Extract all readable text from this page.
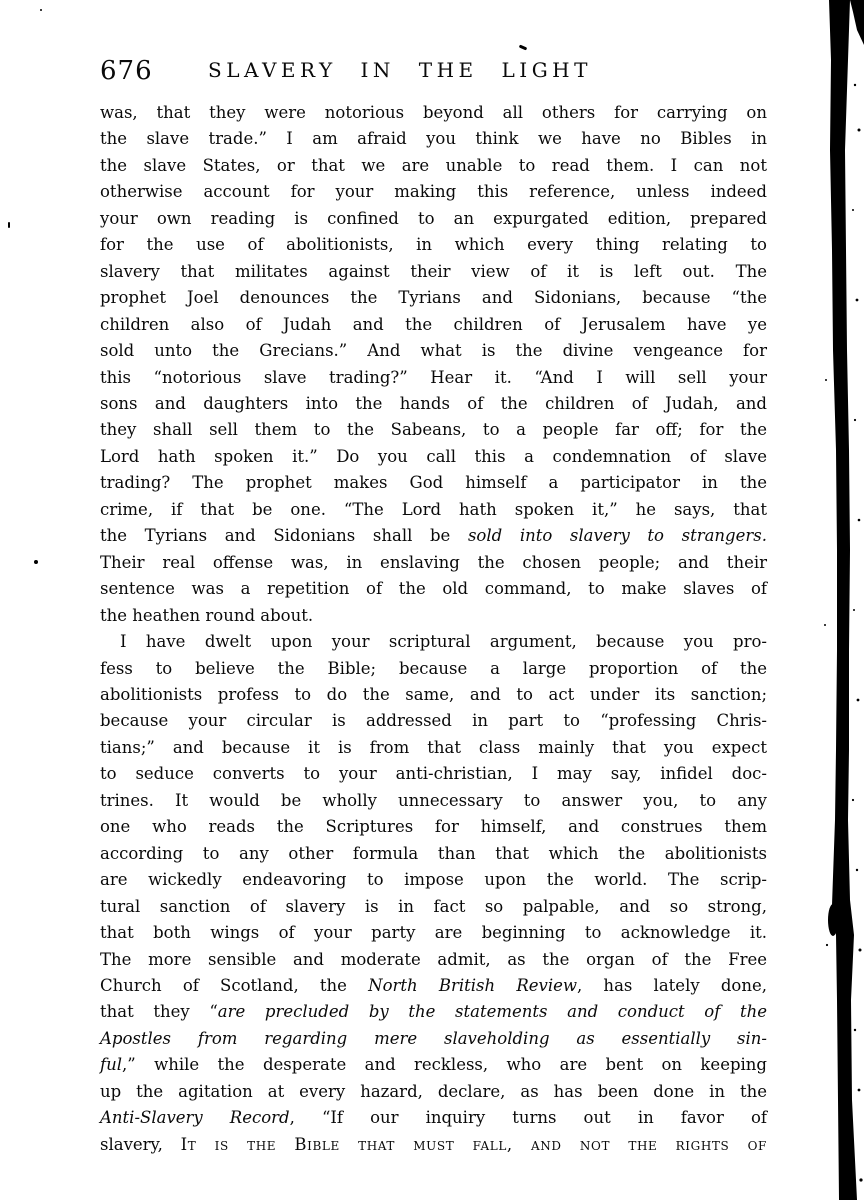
676	SLAVERY IN THE LIGHT
was, that they were notorious beyond all others for carrying on
the slave trade.” I am afraid you think we have no Bibles in
the slave States, or that we are unable to read them. I can not
otherwise account for your making this reference, unless indeed
your own reading is confined to an expurgated edition, prepared
for the use of abolitionists, in which every thing relating to
slavery that militates against their view of it is left out. The
prophet Joel denounces the Tyrians and Sidonians, because “the
children also of Judah and the children of Jerusalem have ye
sold unto the Grecians.” And what is the divine vengeance for
this “notorious slave trading?” Hear it. “And I will sell your
sons and daughters into the hands of the children of Judah, and
they shall sell them to the Sabeans, to a people far off; for the
Lord hath spoken it.” Do you call this a condemnation of slave
trading? The prophet makes God himself a participator in the
crime, if that be one. “The Lord hath spoken it,” he says, that
the Tyrians and Sidonians shall be sold into slavery to strangers.
Their real offense was, in enslaving the chosen people; and their
sentence was a repetition of the old command, to make slaves of
the heathen round about.
I have dwelt upon your scriptural argument, because you pro-
fess to believe the Bible; because a large proportion of the
abolitionists profess to do the same, and to act under its sanction;
because your circular is addressed in part to “professing Chris-
tians;” and because it is from that class mainly that you expect
to seduce converts to your anti-christian, I may say, infidel doc-
trines. It would be wholly unnecessary to answer you, to any
one who reads the Scriptures for himself, and construes them
according to any other formula than that which the abolitionists
are wickedly endeavoring to impose upon the world. The scrip-
tural sanction of slavery is in fact so palpable, and so strong,
that both wings of your party are beginning to acknowledge it.
The more sensible and moderate admit, as the organ of the Free
Church of Scotland, the North British Review, has lately done,
that they “are precluded by the statements and conduct of the
Apostles from regarding mere slaveholding as essentially sin-
ful,” while the desperate and reckless, who are bent on keeping
up the agitation at every hazard, declare, as has been done in the
Anti-Slavery Record, “If our inquiry turns out in favor of
slavery, It is the Bible that must fall, and not the rights of
